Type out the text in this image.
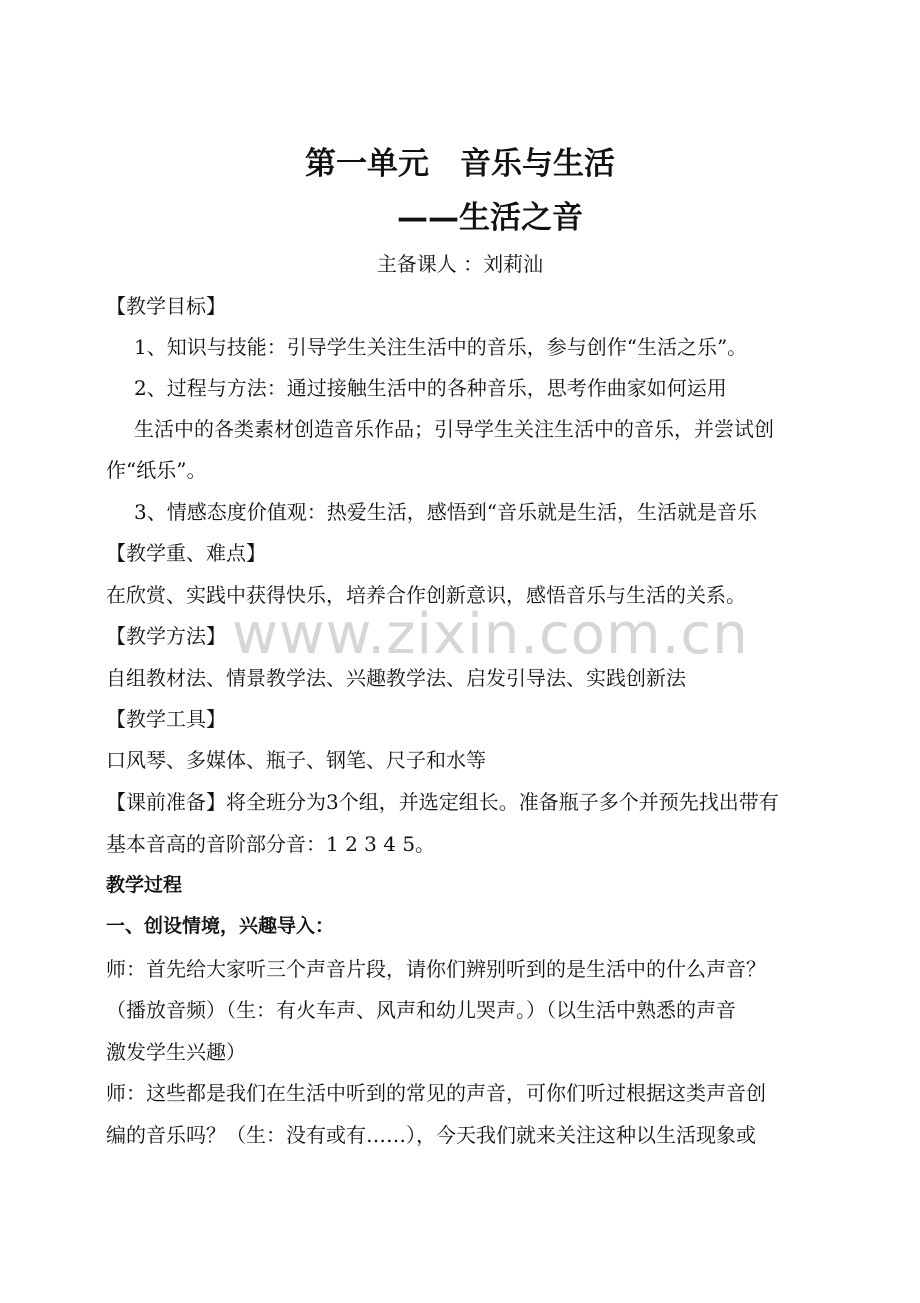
www.zixin.com.cn
第一单元　音乐与生活
——生活之音
主备课人 ：刘莉汕
【教学目标】
1、知识与技能：引导学生关注生活中的音乐，参与创作“生活之乐”。
2、过程与方法：通过接触生活中的各种音乐，思考作曲家如何运用
生活中的各类素材创造音乐作品；引导学生关注生活中的音乐，并尝试创
作“纸乐”。
3、情感态度价值观：热爱生活，感悟到“音乐就是生活，生活就是音乐
【教学重、难点】
在欣赏、实践中获得快乐，培养合作创新意识，感悟音乐与生活的关系。
【教学方法】
自组教材法、情景教学法、兴趣教学法、启发引导法、实践创新法
【教学工具】
口风琴、多媒体、瓶子、钢笔、尺子和水等
【课前准备】将全班分为3个组，并选定组长。准备瓶子多个并预先找出带有
基本音高的音阶部分音：1 2 3 4 5。
教学过程
一、创设情境，兴趣导入：
师：首先给大家听三个声音片段，请你们辨别听到的是生活中的什么声音？
（播放音频）（生：有火车声、风声和幼儿哭声。）（以生活中熟悉的声音
激发学生兴趣）
师：这些都是我们在生活中听到的常见的声音，可你们听过根据这类声音创
编的音乐吗？（生：没有或有……），今天我们就来关注这种以生活现象或
